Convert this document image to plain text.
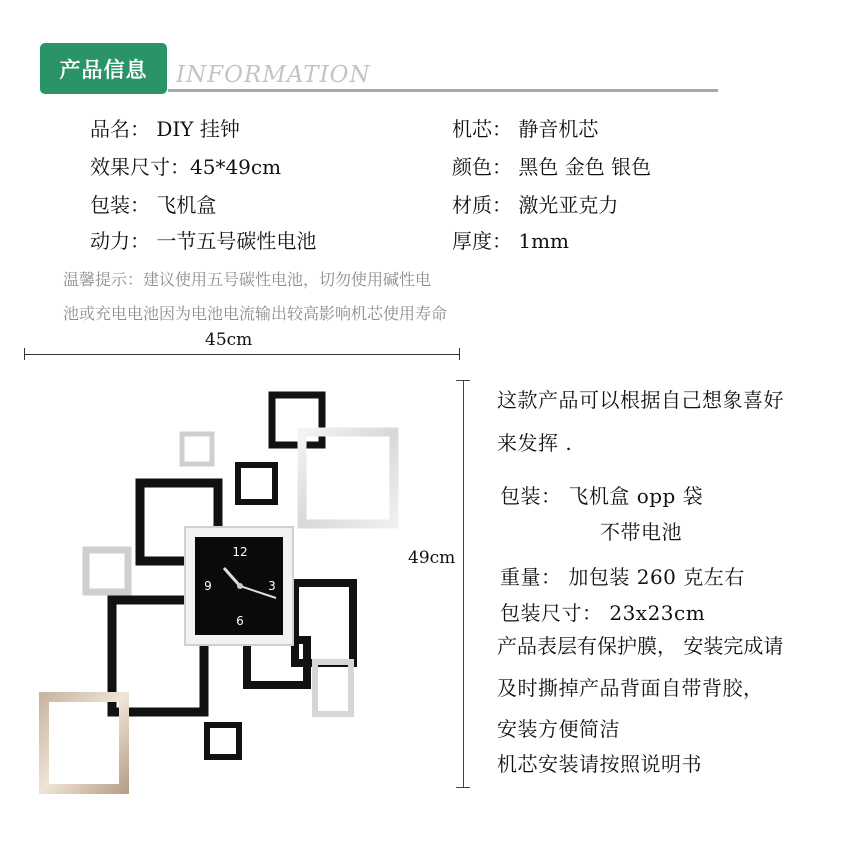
产品信息	INFORMATION
品名： DIY 挂钟
效果尺寸：45*49cm
包装： 飞机盒
动力： 一节五号碳性电池
机芯： 静音机芯
颜色： 黑色 金色 银色
材质： 激光亚克力
厚度： 1mm
温馨提示：建议使用五号碳性电池，切勿使用碱性电
池或充电电池因为电池电流输出较高影响机芯使用寿命
45cm
49cm
12
3
6
9
这款产品可以根据自己想象喜好
来发挥 .
包装： 飞机盒 opp 袋
不带电池
重量： 加包装 260 克左右
包装尺寸： 23x23cm
产品表层有保护膜， 安装完成请
及时撕掉产品背面自带背胶，
安装方便简洁
机芯安装请按照说明书
